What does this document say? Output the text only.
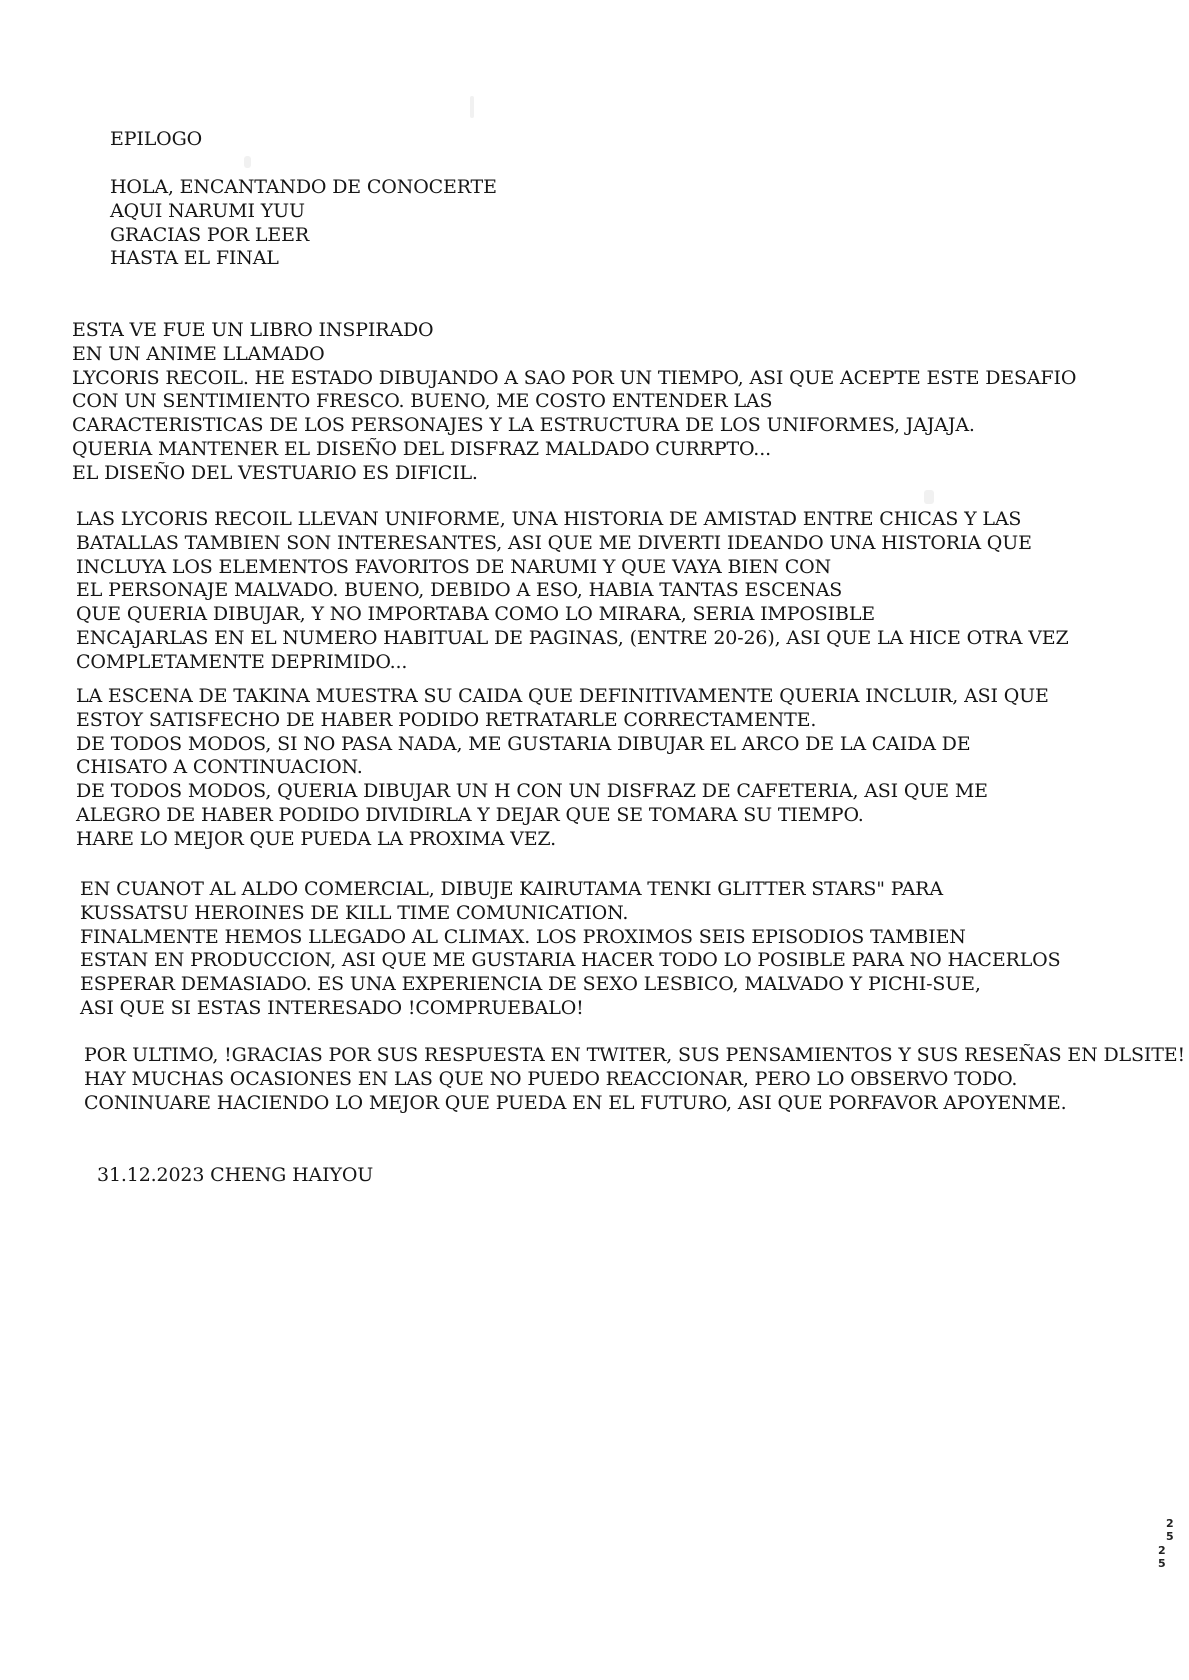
EPILOGO
HOLA, ENCANTANDO DE CONOCERTE
AQUI NARUMI YUU
GRACIAS POR LEER
HASTA EL FINAL
ESTA VE FUE UN LIBRO INSPIRADO
EN UN ANIME LLAMADO
LYCORIS RECOIL. HE ESTADO DIBUJANDO A SAO POR UN TIEMPO, ASI QUE ACEPTE ESTE DESAFIO
CON UN SENTIMIENTO FRESCO. BUENO, ME COSTO ENTENDER LAS
CARACTERISTICAS DE LOS PERSONAJES Y LA ESTRUCTURA DE LOS UNIFORMES, JAJAJA.
QUERIA MANTENER EL DISEÑO DEL DISFRAZ MALDADO CURRPTO...
EL DISEÑO DEL VESTUARIO ES DIFICIL.
LAS LYCORIS RECOIL LLEVAN UNIFORME, UNA HISTORIA DE AMISTAD ENTRE CHICAS Y LAS
BATALLAS TAMBIEN SON INTERESANTES, ASI QUE ME DIVERTI IDEANDO UNA HISTORIA QUE
INCLUYA LOS ELEMENTOS FAVORITOS DE NARUMI Y QUE VAYA BIEN CON
EL PERSONAJE MALVADO. BUENO, DEBIDO A ESO, HABIA TANTAS ESCENAS
QUE QUERIA DIBUJAR, Y NO IMPORTABA COMO LO MIRARA, SERIA IMPOSIBLE
ENCAJARLAS EN EL NUMERO HABITUAL DE PAGINAS, (ENTRE 20-26), ASI QUE LA HICE OTRA VEZ
COMPLETAMENTE DEPRIMIDO...
LA ESCENA DE TAKINA MUESTRA SU CAIDA QUE DEFINITIVAMENTE QUERIA INCLUIR, ASI QUE
ESTOY SATISFECHO DE HABER PODIDO RETRATARLE CORRECTAMENTE.
DE TODOS MODOS, SI NO PASA NADA, ME GUSTARIA DIBUJAR EL ARCO DE LA CAIDA DE
CHISATO A CONTINUACION.
DE TODOS MODOS, QUERIA DIBUJAR UN H CON UN DISFRAZ DE CAFETERIA, ASI QUE ME
ALEGRO DE HABER PODIDO DIVIDIRLA Y DEJAR QUE SE TOMARA SU TIEMPO.
HARE LO MEJOR QUE PUEDA LA PROXIMA VEZ.
EN CUANOT AL ALDO COMERCIAL, DIBUJE KAIRUTAMA TENKI GLITTER STARS" PARA
KUSSATSU HEROINES DE KILL TIME COMUNICATION.
FINALMENTE HEMOS LLEGADO AL CLIMAX. LOS PROXIMOS SEIS EPISODIOS TAMBIEN
ESTAN EN PRODUCCION, ASI QUE ME GUSTARIA HACER TODO LO POSIBLE PARA NO HACERLOS
ESPERAR DEMASIADO. ES UNA EXPERIENCIA DE SEXO LESBICO, MALVADO Y PICHI-SUE,
ASI QUE SI ESTAS INTERESADO !COMPRUEBALO!
POR ULTIMO, !GRACIAS POR SUS RESPUESTA EN TWITER, SUS PENSAMIENTOS Y SUS RESEÑAS EN DLSITE!
HAY MUCHAS OCASIONES EN LAS QUE NO PUEDO REACCIONAR, PERO LO OBSERVO TODO.
CONINUARE HACIENDO LO MEJOR QUE PUEDA EN EL FUTURO, ASI QUE PORFAVOR APOYENME.
31.12.2023 CHENG HAIYOU
2
5
2
5
